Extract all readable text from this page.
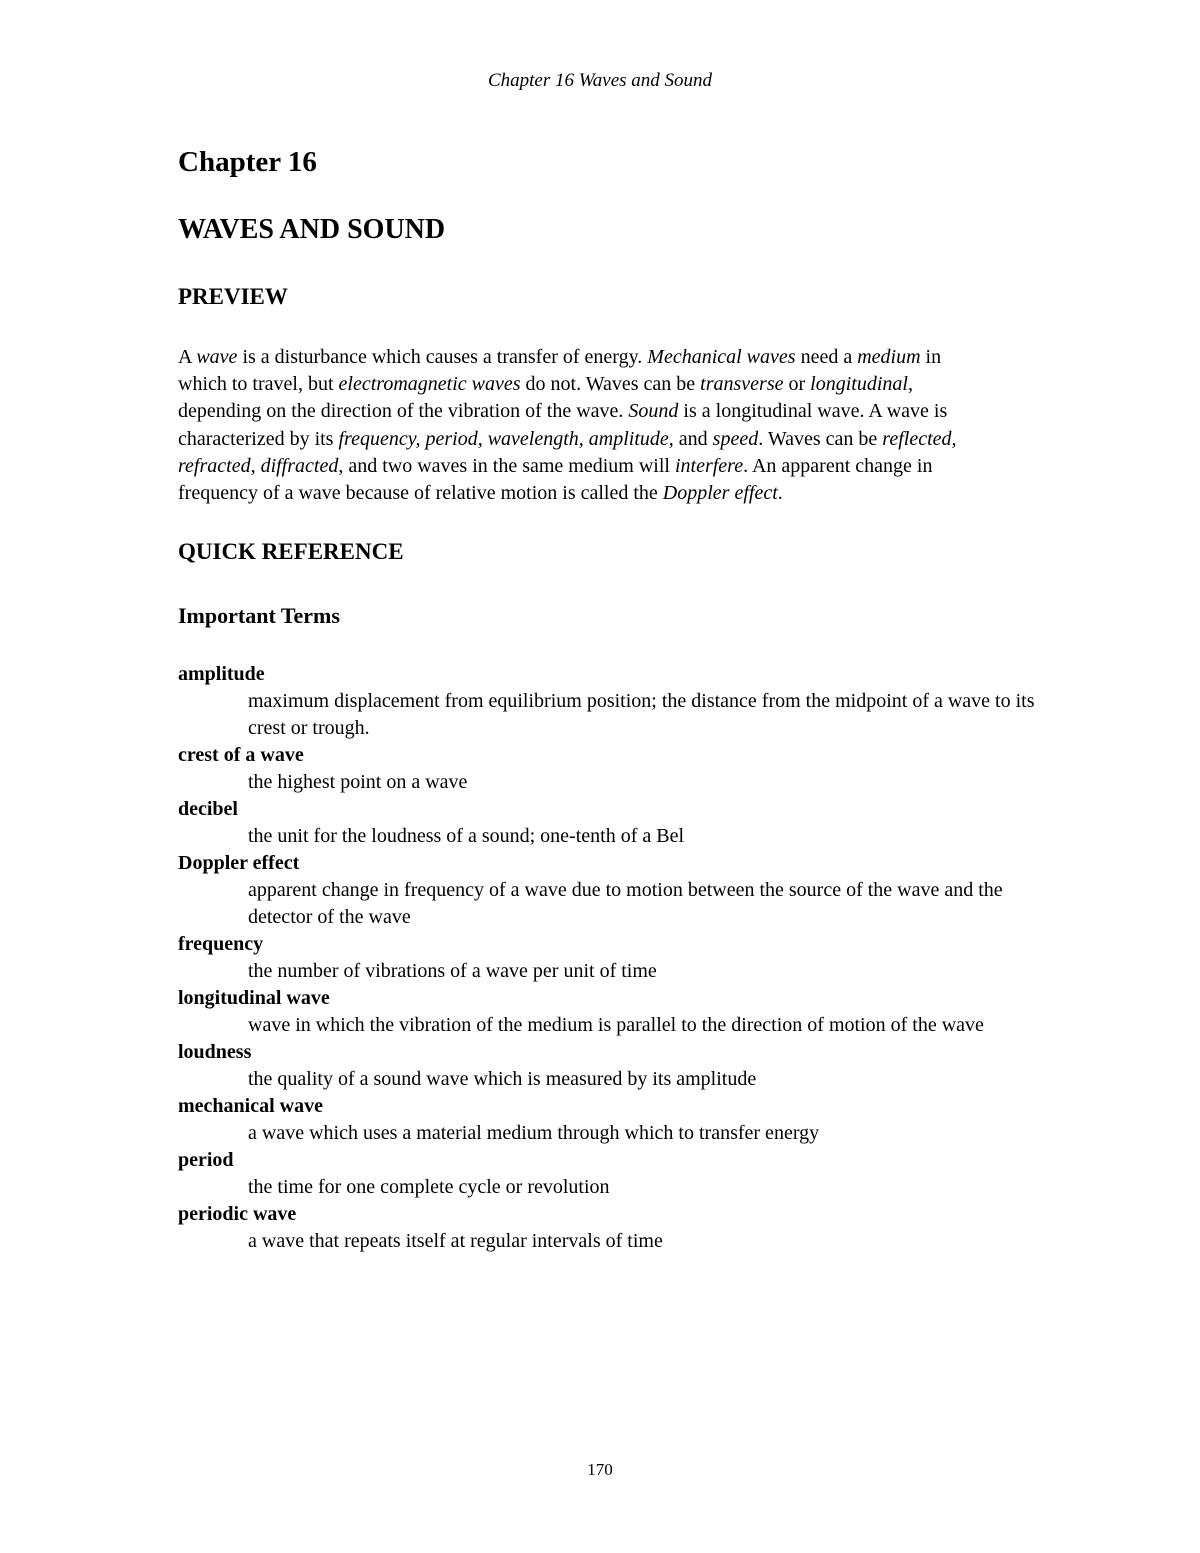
Chapter 16 Waves and Sound
Chapter 16
WAVES AND SOUND
PREVIEW

A wave is a disturbance which causes a transfer of energy. Mechanical waves need a medium in which to travel, but electromagnetic waves do not. Waves can be transverse or longitudinal, depending on the direction of the vibration of the wave. Sound is a longitudinal wave. A wave is characterized by its frequency, period, wavelength, amplitude, and speed. Waves can be reflected, refracted, diffracted, and two waves in the same medium will interfere. An apparent change in frequency of a wave because of relative motion is called the Doppler effect.

QUICK REFERENCE
Important Terms
amplitude
maximum displacement from equilibrium position; the distance from the midpoint of a wave to its crest or trough.
crest of a wave
the highest point on a wave
decibel
the unit for the loudness of a sound; one-tenth of a Bel
Doppler effect
apparent change in frequency of a wave due to motion between the source of the wave and the detector of the wave
frequency
the number of vibrations of a wave per unit of time
longitudinal wave
wave in which the vibration of the medium is parallel to the direction of motion of the wave
loudness
the quality of a sound wave which is measured by its amplitude
mechanical wave
a wave which uses a material medium through which to transfer energy
period
the time for one complete cycle or revolution
periodic wave
a wave that repeats itself at regular intervals of time
170
